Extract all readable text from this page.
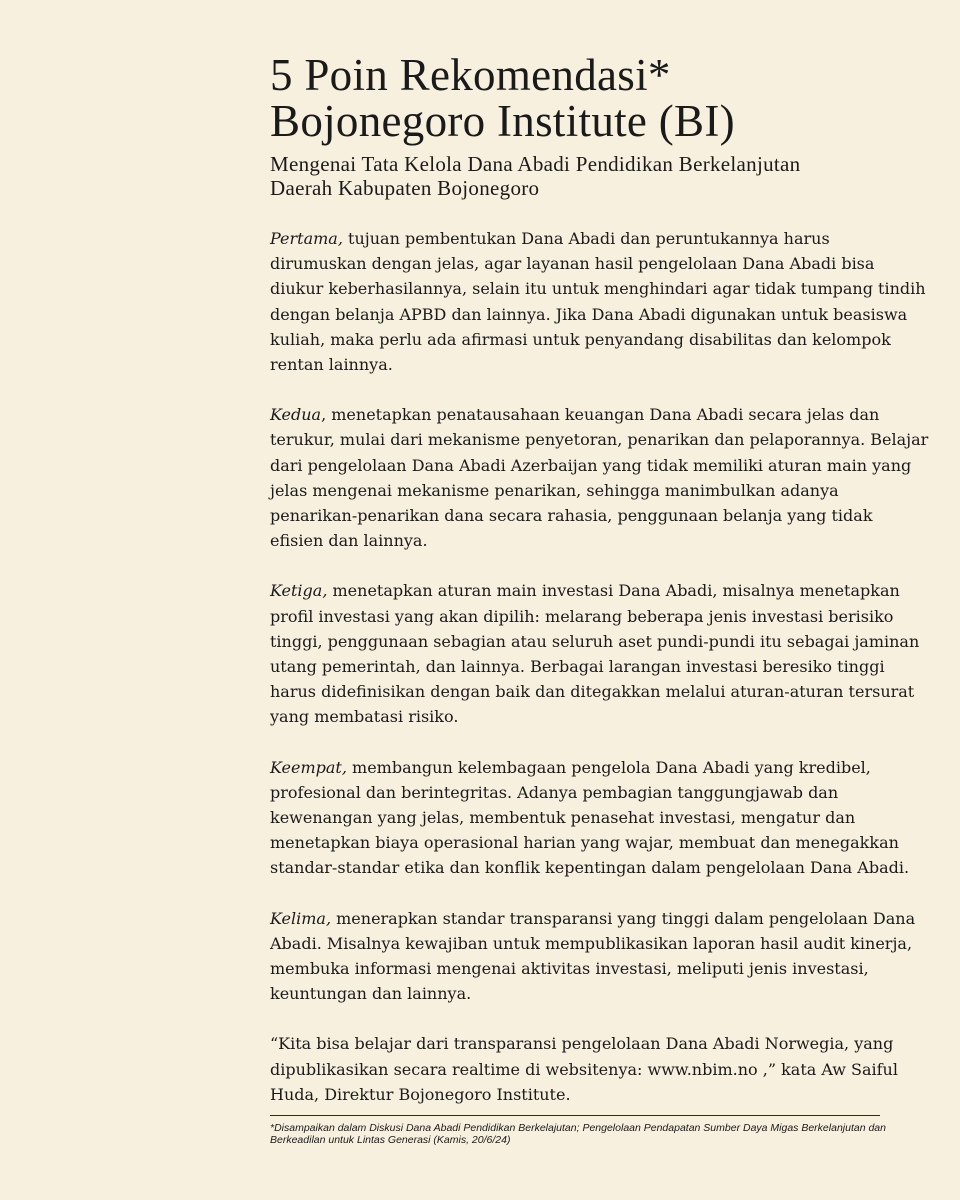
5 Poin Rekomendasi*
Bojonegoro Institute (BI)
Mengenai Tata Kelola Dana Abadi Pendidikan Berkelanjutan
Daerah Kabupaten Bojonegoro

Pertama, tujuan pembentukan Dana Abadi dan peruntukannya harus dirumuskan dengan jelas, agar layanan hasil pengelolaan Dana Abadi bisa diukur keberhasilannya, selain itu untuk menghindari agar tidak tumpang tindih dengan belanja APBD dan lainnya. Jika Dana Abadi digunakan untuk beasiswa kuliah, maka perlu ada afirmasi untuk penyandang disabilitas dan kelompok rentan lainnya.

Kedua, menetapkan penatausahaan keuangan Dana Abadi secara jelas dan terukur, mulai dari mekanisme penyetoran, penarikan dan pelaporannya. Belajar dari pengelolaan Dana Abadi Azerbaijan yang tidak memiliki aturan main yang jelas mengenai mekanisme penarikan, sehingga manimbulkan adanya penarikan-penarikan dana secara rahasia, penggunaan belanja yang tidak efisien dan lainnya.

Ketiga, menetapkan aturan main investasi Dana Abadi, misalnya menetapkan profil investasi yang akan dipilih: melarang beberapa jenis investasi berisiko tinggi, penggunaan sebagian atau seluruh aset pundi-pundi itu sebagai jaminan utang pemerintah, dan lainnya. Berbagai larangan investasi beresiko tinggi harus didefinisikan dengan baik dan ditegakkan melalui aturan-aturan tersurat yang membatasi risiko.

Keempat, membangun kelembagaan pengelola Dana Abadi yang kredibel, profesional dan berintegritas. Adanya pembagian tanggungjawab dan kewenangan yang jelas, membentuk penasehat investasi, mengatur dan menetapkan biaya operasional harian yang wajar, membuat dan menegakkan standar-standar etika dan konflik kepentingan dalam pengelolaan Dana Abadi.

Kelima, menerapkan standar transparansi yang tinggi dalam pengelolaan Dana Abadi. Misalnya kewajiban untuk mempublikasikan laporan hasil audit kinerja, membuka informasi mengenai aktivitas investasi, meliputi jenis investasi, keuntungan dan lainnya.

“Kita bisa belajar dari transparansi pengelolaan Dana Abadi Norwegia, yang dipublikasikan secara realtime di websitenya: www.nbim.no ,” kata Aw Saiful Huda, Direktur Bojonegoro Institute.

*Disampaikan dalam Diskusi Dana Abadi Pendidikan Berkelajutan; Pengelolaan Pendapatan Sumber Daya Migas Berkelanjutan dan Berkeadilan untuk Lintas Generasi (Kamis, 20/6/24)
